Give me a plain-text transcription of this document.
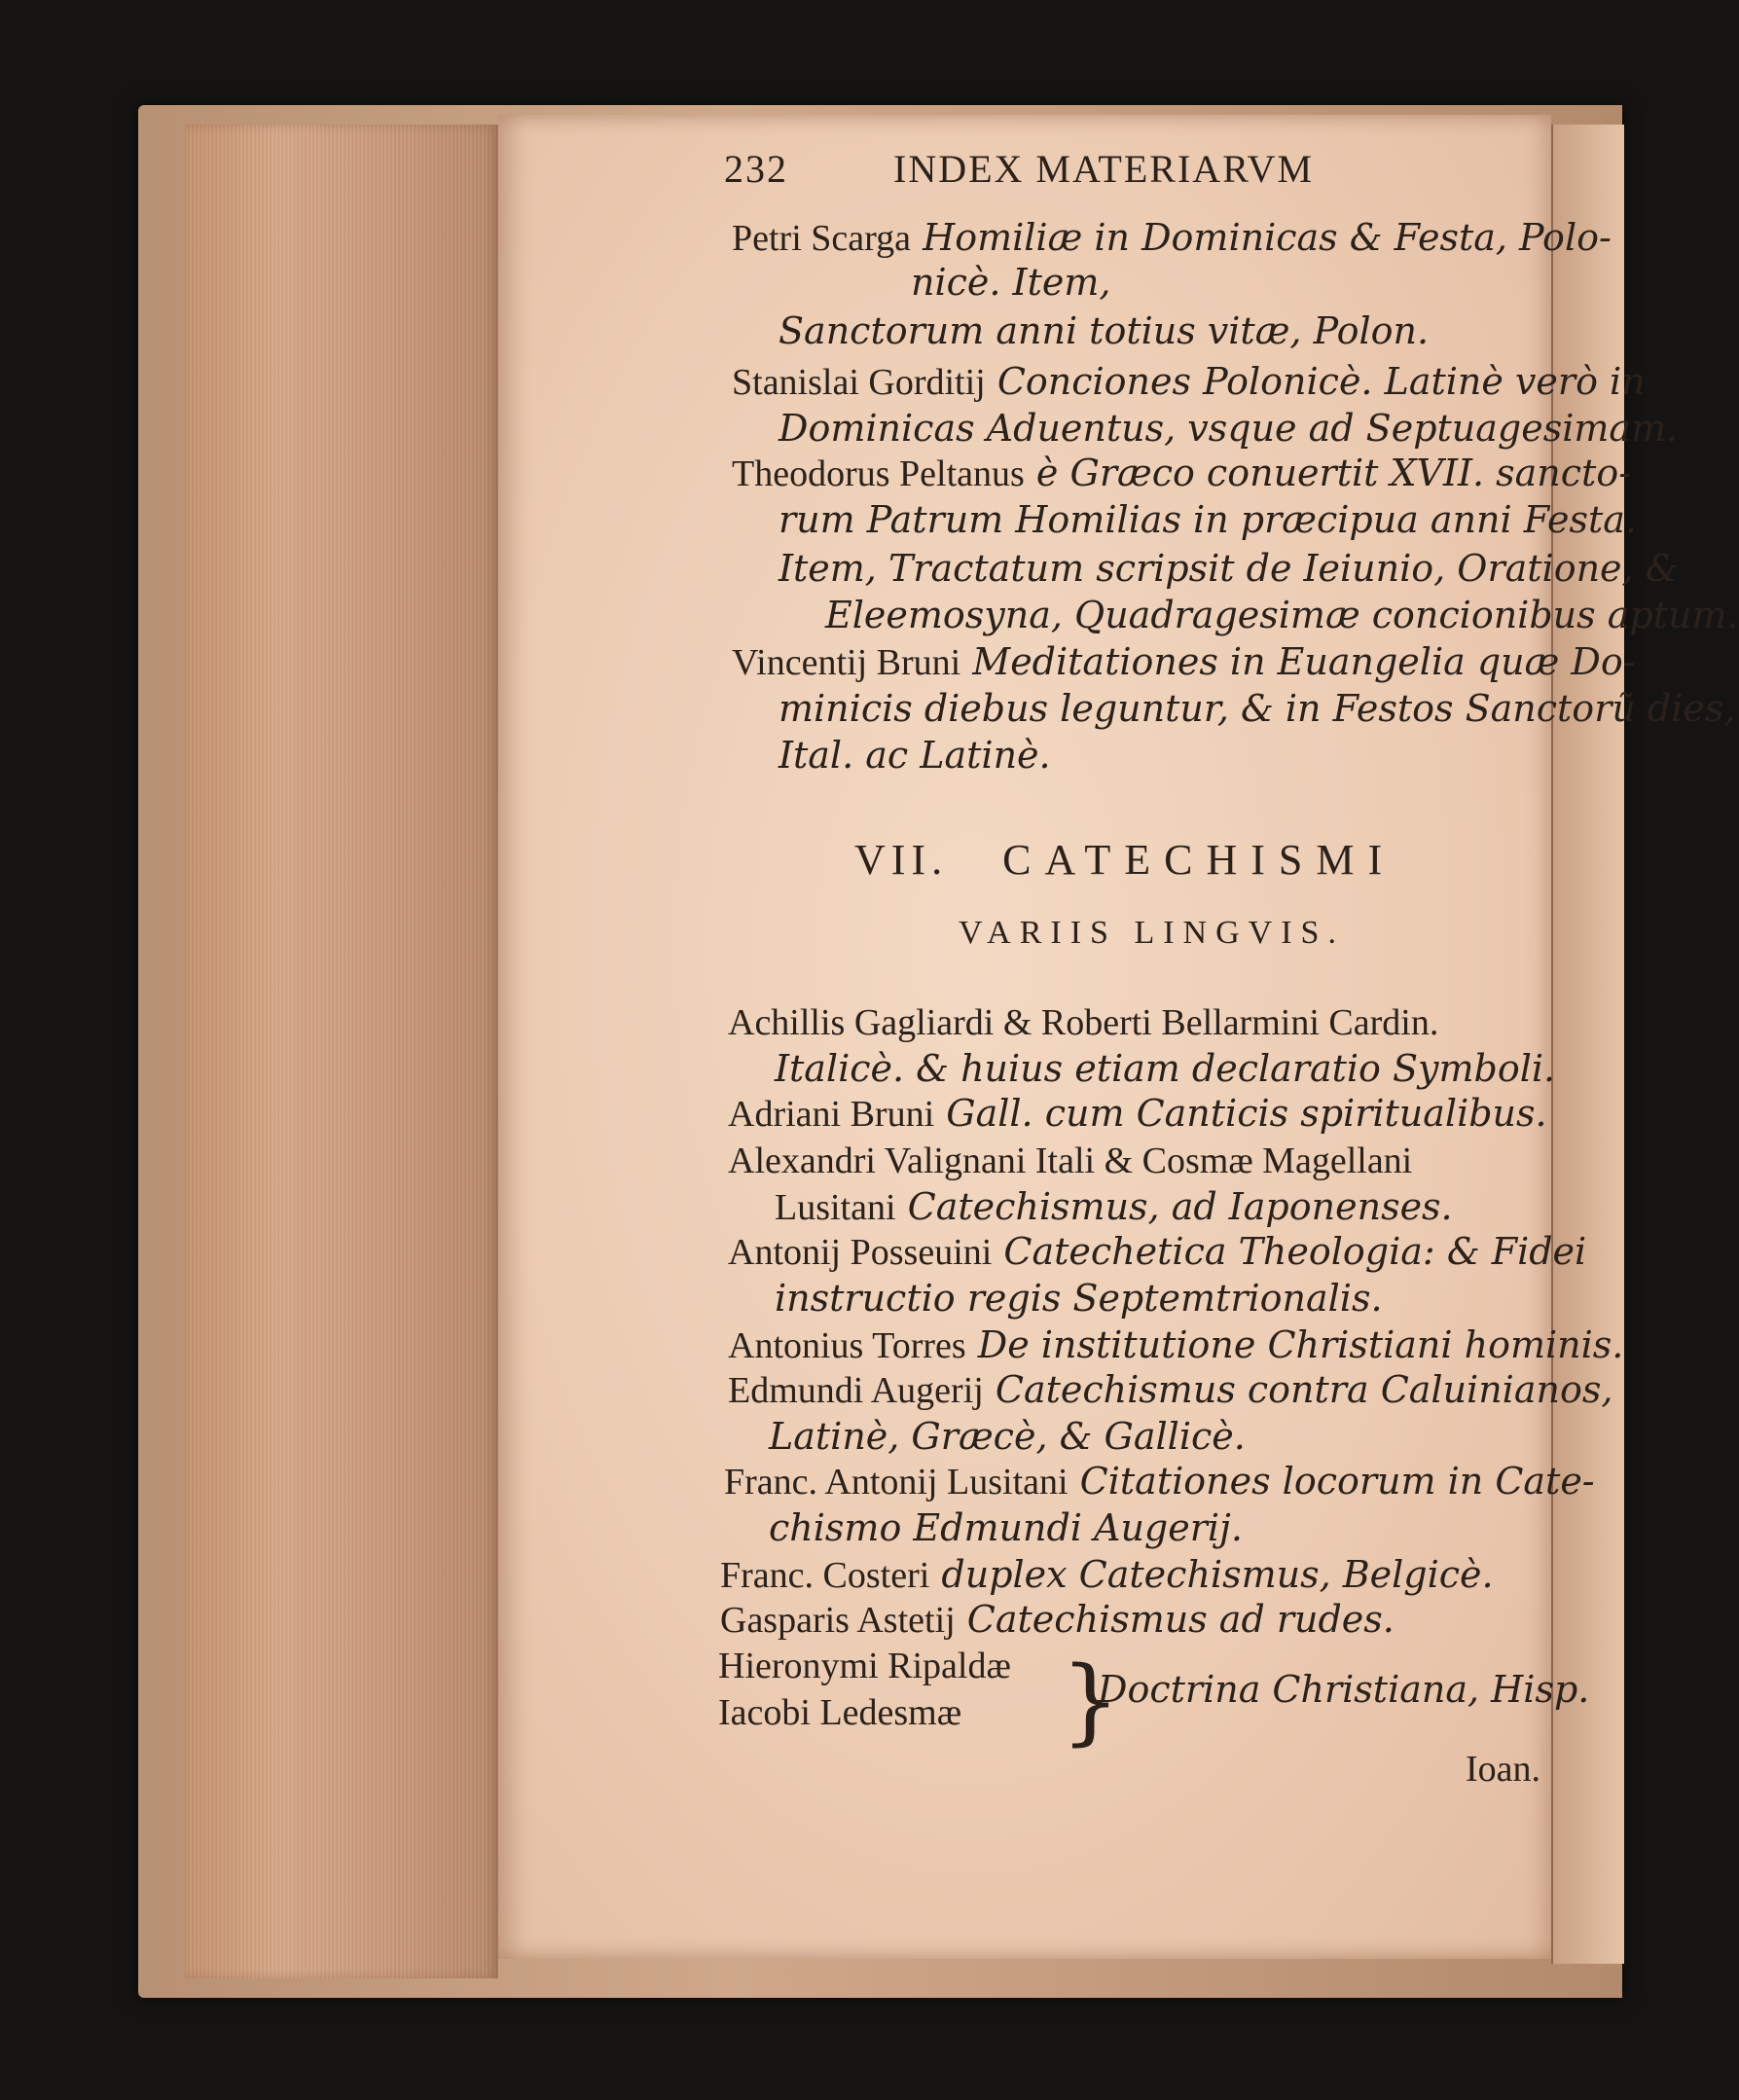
232	INDEX MATERIARVM
Petri Scarga Homiliæ in Dominicas & Festa, Polo-
nicè. Item,
Sanctorum anni totius vitæ, Polon.
Stanislai Gorditij Conciones Polonicè. Latinè verò in
Dominicas Aduentus, vsque ad Septuagesimam.
Theodorus Peltanus è Græco conuertit XVII. sancto-
rum Patrum Homilias in præcipua anni Festa.
Item, Tractatum scripsit de Ieiunio, Oratione, &
Eleemosyna, Quadragesimæ concionibus aptum.
Vincentij Bruni Meditationes in Euangelia quæ Do-
minicis diebus leguntur, & in Festos Sanctorũ dies,
Ital. ac Latinè.
VII. CATECHISMI
VARIIS LINGVIS.
Achillis Gagliardi & Roberti Bellarmini Cardin.
Italicè. & huius etiam declaratio Symboli.
Adriani Bruni Gall. cum Canticis spiritualibus.
Alexandri Valignani Itali & Cosmæ Magellani
Lusitani Catechismus, ad Iaponenses.
Antonij Posseuini Catechetica Theologia: & Fidei
instructio regis Septemtrionalis.
Antonius Torres De institutione Christiani hominis.
Edmundi Augerij Catechismus contra Caluinianos,
Latinè, Græcè, & Gallicè.
Franc. Antonij Lusitani Citationes locorum in Cate-
chismo Edmundi Augerij.
Franc. Costeri duplex Catechismus, Belgicè.
Gasparis Astetij Catechismus ad rudes.
Hieronymi Ripaldæ
Iacobi Ledesmæ }
Doctrina Christiana, Hisp.
Ioan.
